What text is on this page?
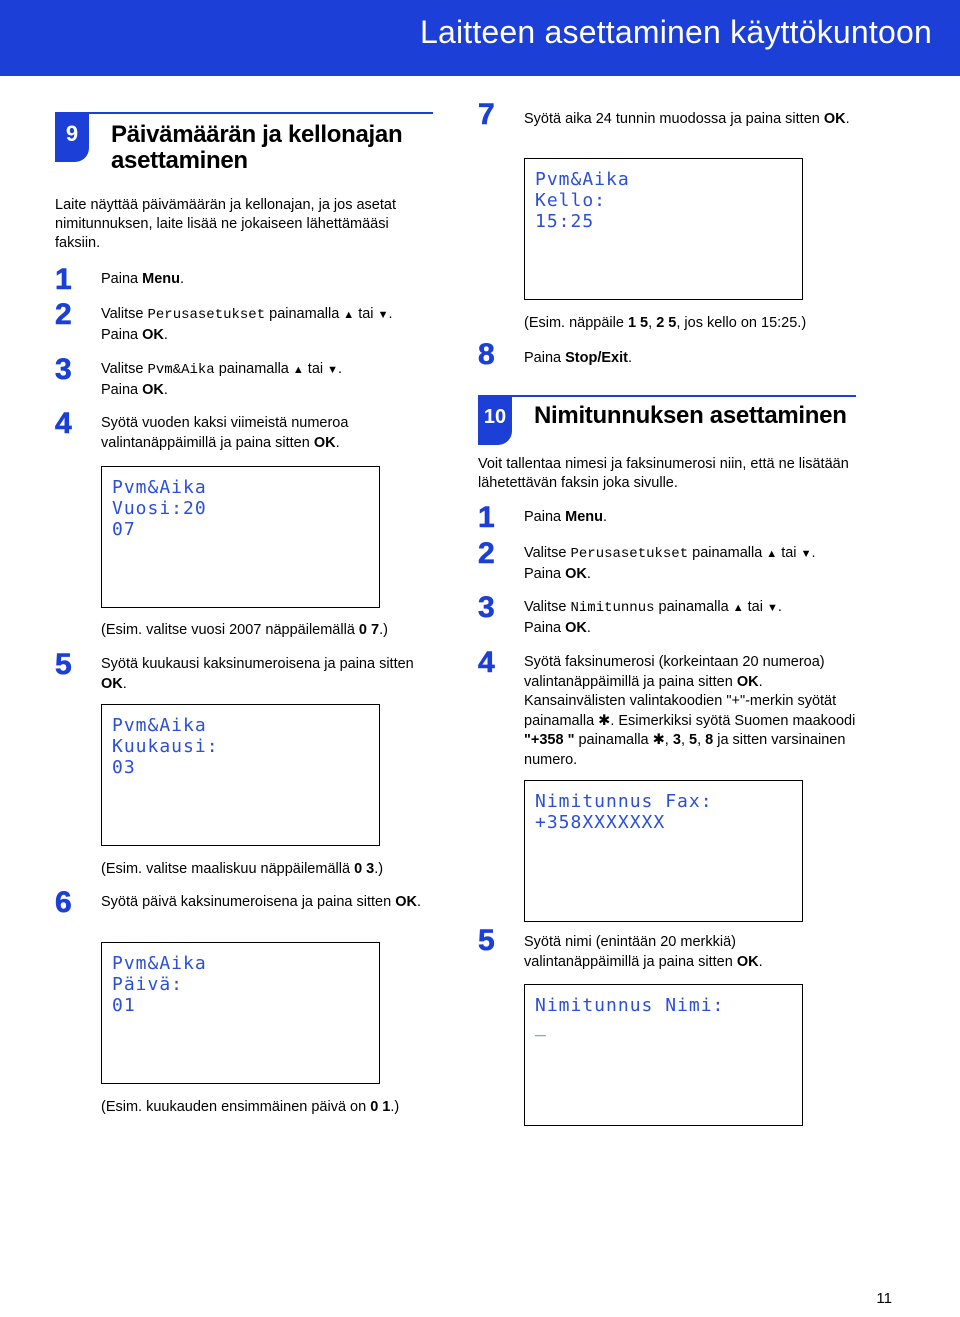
Laitteen asettaminen käyttökuntoon
9	Päivämäärän ja kellonajan asettaminen

Laite näyttää päivämäärän ja kellonajan, ja jos asetat nimitunnuksen, laite lisää ne jokaiseen lähettämääsi faksiin.

1	Paina Menu.
2	Valitse Perusasetukset painamalla ▲ tai ▼.
Paina OK.
3	Valitse Pvm&Aika painamalla ▲ tai ▼.
Paina OK.
4	Syötä vuoden kaksi viimeistä numeroa valintanäppäimillä ja paina sitten OK.
Pvm&Aika
Vuosi:20
07
(Esim. valitse vuosi 2007 näppäilemällä 0 7.)
5	Syötä kuukausi kaksinumeroisena ja paina sitten OK.
Pvm&Aika
Kuukausi:
03
(Esim. valitse maaliskuu näppäilemällä 0 3.)
6	Syötä päivä kaksinumeroisena ja paina sitten OK.
Pvm&Aika
Päivä:
01
(Esim. kuukauden ensimmäinen päivä on 0 1.)
7	Syötä aika 24 tunnin muodossa ja paina sitten OK.
Pvm&Aika
Kello:
15:25
(Esim. näppäile 1 5, 2 5, jos kello on 15:25.)
8	Paina Stop/Exit.
10 Nimitunnuksen asettaminen

Voit tallentaa nimesi ja faksinumerosi niin, että ne lisätään lähetettävän faksin joka sivulle.

1	Paina Menu.
2	Valitse Perusasetukset painamalla ▲ tai ▼.
Paina OK.
3	Valitse Nimitunnus painamalla ▲ tai ▼.
Paina OK.
4	Syötä faksinumerosi (korkeintaan 20 numeroa) valintanäppäimillä ja paina sitten OK. Kansainvälisten valintakoodien "+"-merkin syötät painamalla ✱. Esimerkiksi syötä Suomen maakoodi "+358 " painamalla ✱, 3, 5, 8 ja sitten varsinainen numero.
Nimitunnus Fax:
+358XXXXXXX
5	Syötä nimi (enintään 20 merkkiä) valintanäppäimillä ja paina sitten OK.
Nimitunnus Nimi:
_
11
